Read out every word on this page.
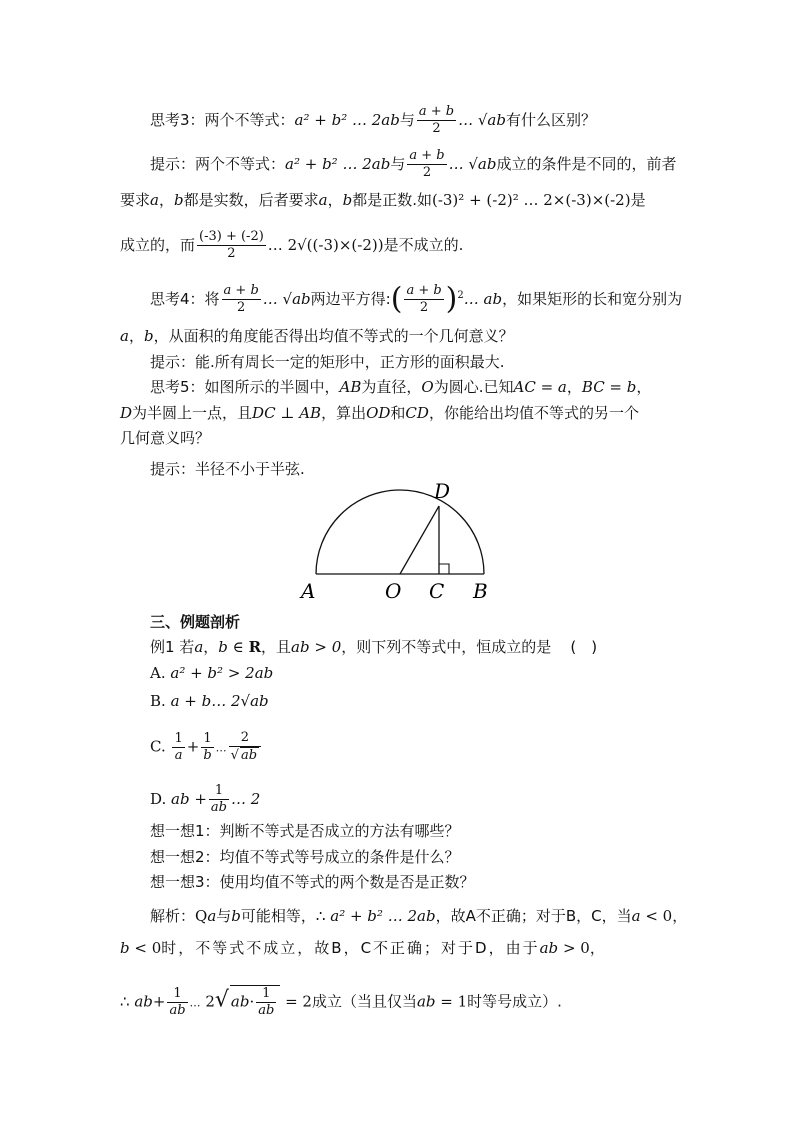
思考3：两个不等式：a² + b² … 2ab与 $\frac{a + b}{2}$ … √ab有什么区别？
提示：两个不等式：a² + b² … 2ab与 $\frac{a + b}{2}$ … √ab成立的条件是不同的，前者
要求a，b都是实数，后者要求a，b都是正数.如(-3)² + (-2)² … 2×(-3)×(-2)是
成立的，而 $\frac{(-3) + (-2)}{2}$ … 2√((-3)×(-2))是不成立的.
思考4：将 $\frac{a + b}{2}$ … √ab两边平方得:( $\frac{a + b}{2}$ )$^2$… ab，如果矩形的长和宽分别为
a，b，从面积的角度能否得出均值不等式的一个几何意义？
提示：能.所有周长一定的矩形中，正方形的面积最大.
思考5：如图所示的半圆中，AB为直径，O为圆心.已知AC = a，BC = b，
D为半圆上一点，且DC ⊥ AB，算出OD和CD，你能给出均值不等式的另一个
几何意义吗？
提示：半径不小于半弦.
A	O C B
D
三、例题剖析
例1 若a，b ∈ R，且ab > 0，则下列不等式中，恒成立的是 (　)
A. a² + b² > 2ab
B. a + b… 2√ab
C. $\frac{1}{a} + \frac{1}{b}$ … $\frac{2}{√ ab}$
D. ab + $\frac{1}{ab}$ … 2
想一想1：判断不等式是否成立的方法有哪些？
想一想2：均值不等式等号成立的条件是什么？
想一想3：使用均值不等式的两个数是否是正数？
解析：Qa与b可能相等，∴ a² + b² … 2ab，故A不正确；对于B，C，当a < 0，
b < 0时，不等式不成立，故B，C不正确；对于D，由于ab > 0，
∴ $ab+ \frac{1}{ab}$ … 2√ $ab\cdot \frac{1}{ab} = 2$成立（当且仅当ab = 1时等号成立）.
